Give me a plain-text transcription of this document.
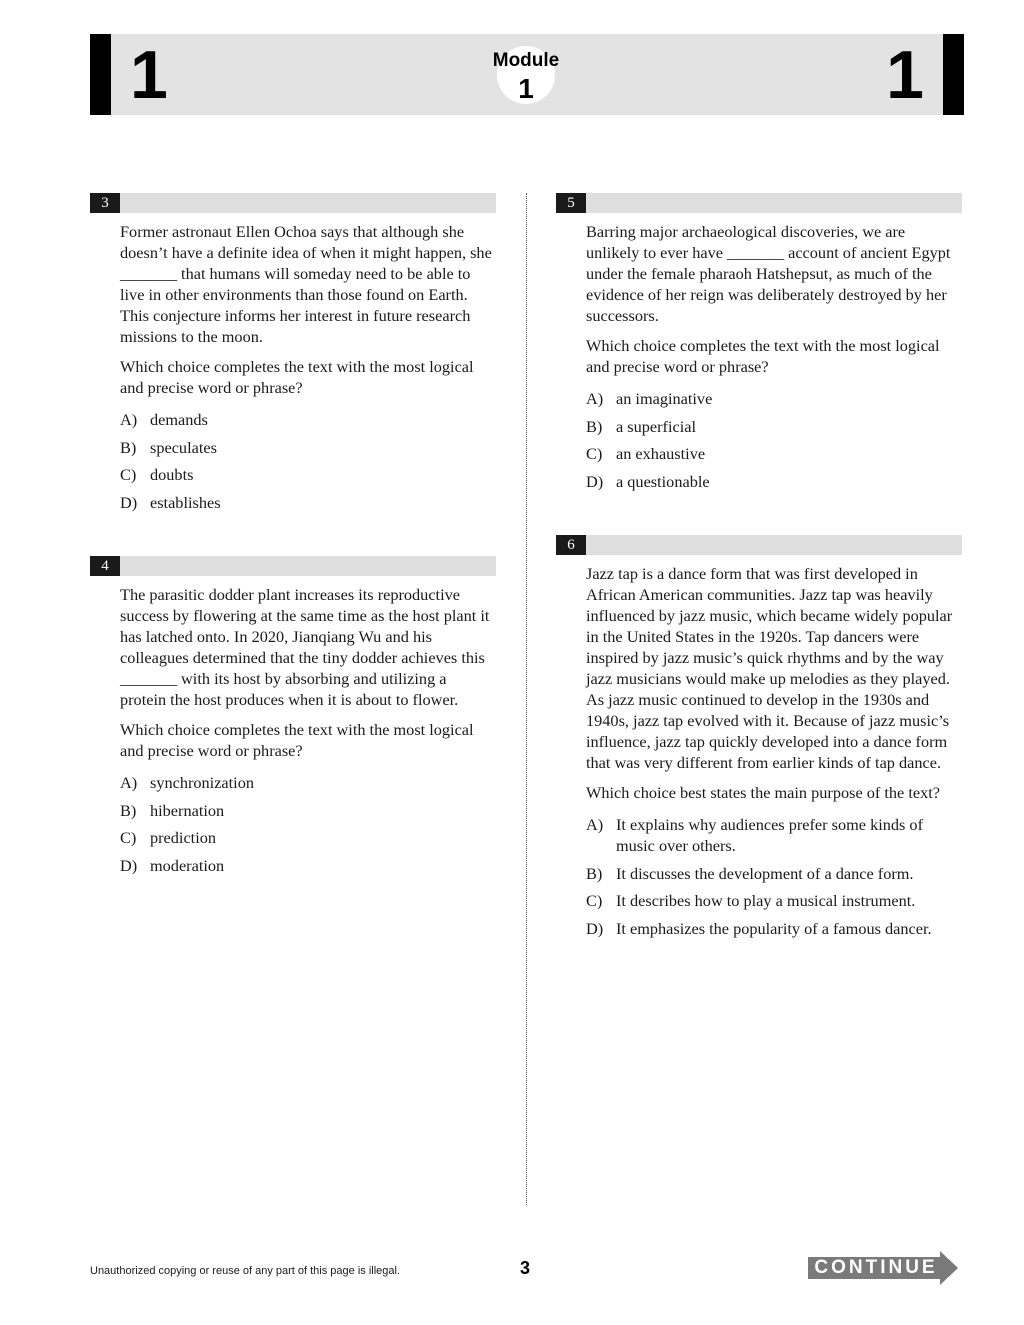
1	Module
1	1
3

Former astronaut Ellen Ochoa says that although she doesn’t have a definite idea of when it might happen, she _______ that humans will someday need to be able to live in other environments than those found on Earth. This conjecture informs her interest in future research missions to the moon.

Which choice completes the text with the most logical and precise word or phrase?

A) demands
B) speculates
C) doubts
D) establishes
4

The parasitic dodder plant increases its reproductive success by flowering at the same time as the host plant it has latched onto. In 2020, Jianqiang Wu and his colleagues determined that the tiny dodder achieves this _______ with its host by absorbing and utilizing a protein the host produces when it is about to flower.

Which choice completes the text with the most logical and precise word or phrase?

A) synchronization
B) hibernation
C) prediction
D) moderation
5

Barring major archaeological discoveries, we are unlikely to ever have _______ account of ancient Egypt under the female pharaoh Hatshepsut, as much of the evidence of her reign was deliberately destroyed by her successors.

Which choice completes the text with the most logical and precise word or phrase?

A) an imaginative
B) a superficial
C) an exhaustive
D) a questionable
6

Jazz tap is a dance form that was first developed in African American communities. Jazz tap was heavily influenced by jazz music, which became widely popular in the United States in the 1920s. Tap dancers were inspired by jazz music’s quick rhythms and by the way jazz musicians would make up melodies as they played. As jazz music continued to develop in the 1930s and 1940s, jazz tap evolved with it. Because of jazz music’s influence, jazz tap quickly developed into a dance form that was very different from earlier kinds of tap dance.

Which choice best states the main purpose of the text?

A) It explains why audiences prefer some kinds of music over others.
B) It discusses the development of a dance form.
C) It describes how to play a musical instrument.
D) It emphasizes the popularity of a famous dancer.
Unauthorized copying or reuse of any part of this page is illegal.	3	CONTINUE
